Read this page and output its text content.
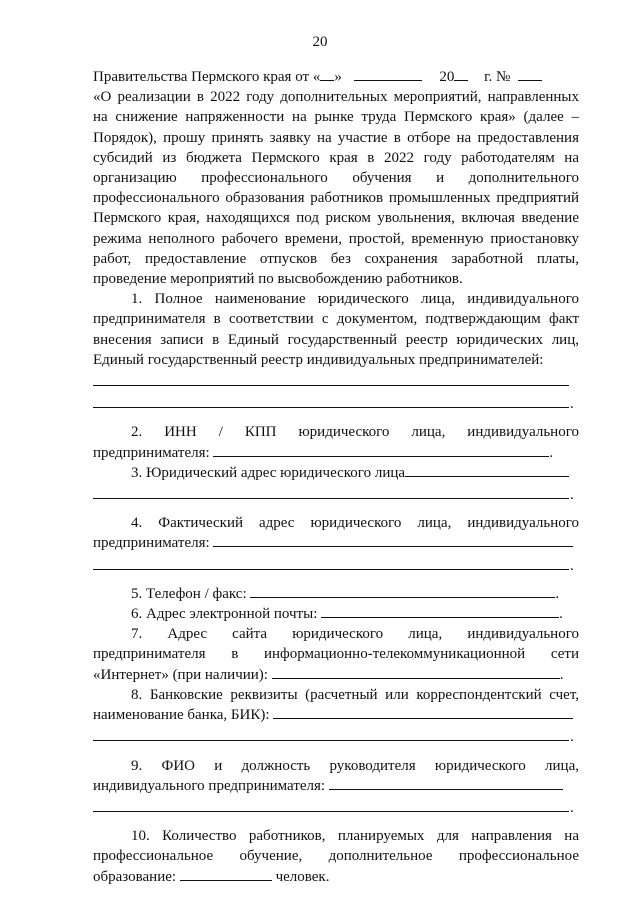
20

Правительства Пермского края от « »	20 г. №

«О реализации в 2022 году дополнительных мероприятий, направленных на снижение напряженности на рынке труда Пермского края» (далее – Порядок), прошу принять заявку на участие в отборе на предоставления субсидий из бюджета Пермского края в 2022 году работодателям на организацию профессионального обучения и дополнительного профессионального образования работников промышленных предприятий Пермского края, находящихся под риском увольнения, включая введение режима неполного рабочего времени, простой, временную приостановку работ, предоставление отпусков без сохранения заработной платы, проведение мероприятий по высвобождению работников.

1. Полное наименование юридического лица, индивидуального предпринимателя в соответствии с документом, подтверждающим факт внесения записи в Единый государственный реестр юридических лиц, Единый государственный реестр индивидуальных предпринимателей:

.

2. ИНН / КПП юридического лица, индивидуального предпринимателя:	.

3. Юридический адрес юридического лица

.

4. Фактический адрес юридического лица, индивидуального предпринимателя:

.

5. Телефон / факс:	.

6. Адрес электронной почты:	.

7. Адрес сайта юридического лица, индивидуального предпринимателя в информационно-телекоммуникационной сети «Интернет» (при наличии):	.

8. Банковские реквизиты (расчетный или корреспондентский счет, наименование банка, БИК):

.

9. ФИО и должность руководителя юридического лица, индивидуального предпринимателя:

.

10. Количество работников, планируемых для направления на профессиональное обучение, дополнительное профессиональное образование:	человек.
